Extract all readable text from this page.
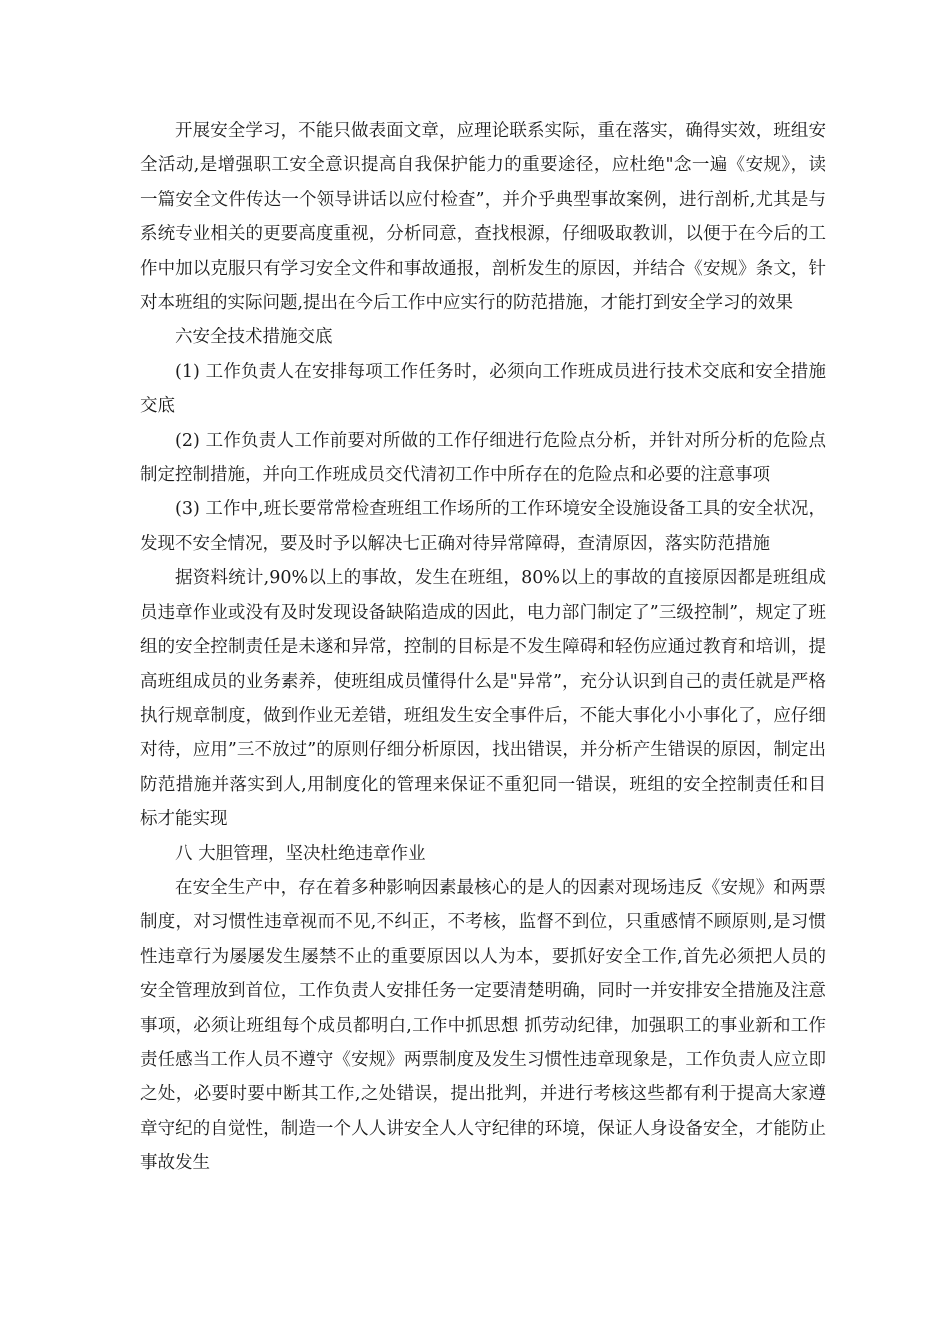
开展安全学习，不能只做表面文章，应理论联系实际，重在落实，确得实效，班组安全活动,是增强职工安全意识提高自我保护能力的重要途径，应杜绝"念一遍《安规》，读一篇安全文件传达一个领导讲话以应付检查”，并介乎典型事故案例，进行剖析,尤其是与系统专业相关的更要高度重视，分析同意，查找根源，仔细吸取教训，以便于在今后的工作中加以克服只有学习安全文件和事故通报，剖析发生的原因，并结合《安规》条文，针对本班组的实际问题,提出在今后工作中应实行的防范措施，才能打到安全学习的效果

六安全技术措施交底

(1) 工作负责人在安排每项工作任务时，必须向工作班成员进行技术交底和安全措施交底

(2) 工作负责人工作前要对所做的工作仔细进行危险点分析，并针对所分析的危险点制定控制措施，并向工作班成员交代清初工作中所存在的危险点和必要的注意事项

(3) 工作中,班长要常常检查班组工作场所的工作环境安全设施设备工具的安全状况，发现不安全情况，要及时予以解决七正确对待异常障碍，查清原因，落实防范措施

据资料统计,90%以上的事故，发生在班组，80%以上的事故的直接原因都是班组成员违章作业或没有及时发现设备缺陷造成的因此，电力部门制定了”三级控制”，规定了班组的安全控制责任是未遂和异常，控制的目标是不发生障碍和轻伤应通过教育和培训，提高班组成员的业务素养，使班组成员懂得什么是"异常”，充分认识到自己的责任就是严格执行规章制度，做到作业无差错，班组发生安全事件后，不能大事化小小事化了，应仔细对待，应用”三不放过”的原则仔细分析原因，找出错误，并分析产生错误的原因，制定出防范措施并落实到人,用制度化的管理来保证不重犯同一错误，班组的安全控制责任和目标才能实现

八 大胆管理，坚决杜绝违章作业

在安全生产中，存在着多种影响因素最核心的是人的因素对现场违反《安规》和两票制度，对习惯性违章视而不见,不纠正，不考核，监督不到位，只重感情不顾原则,是习惯性违章行为屡屡发生屡禁不止的重要原因以人为本，要抓好安全工作,首先必须把人员的安全管理放到首位，工作负责人安排任务一定要清楚明确，同时一并安排安全措施及注意事项，必须让班组每个成员都明白,工作中抓思想 抓劳动纪律，加强职工的事业新和工作责任感当工作人员不遵守《安规》两票制度及发生习惯性违章现象是，工作负责人应立即之处，必要时要中断其工作,之处错误，提出批判，并进行考核这些都有利于提高大家遵章守纪的自觉性，制造一个人人讲安全人人守纪律的环境，保证人身设备安全，才能防止事故发生
